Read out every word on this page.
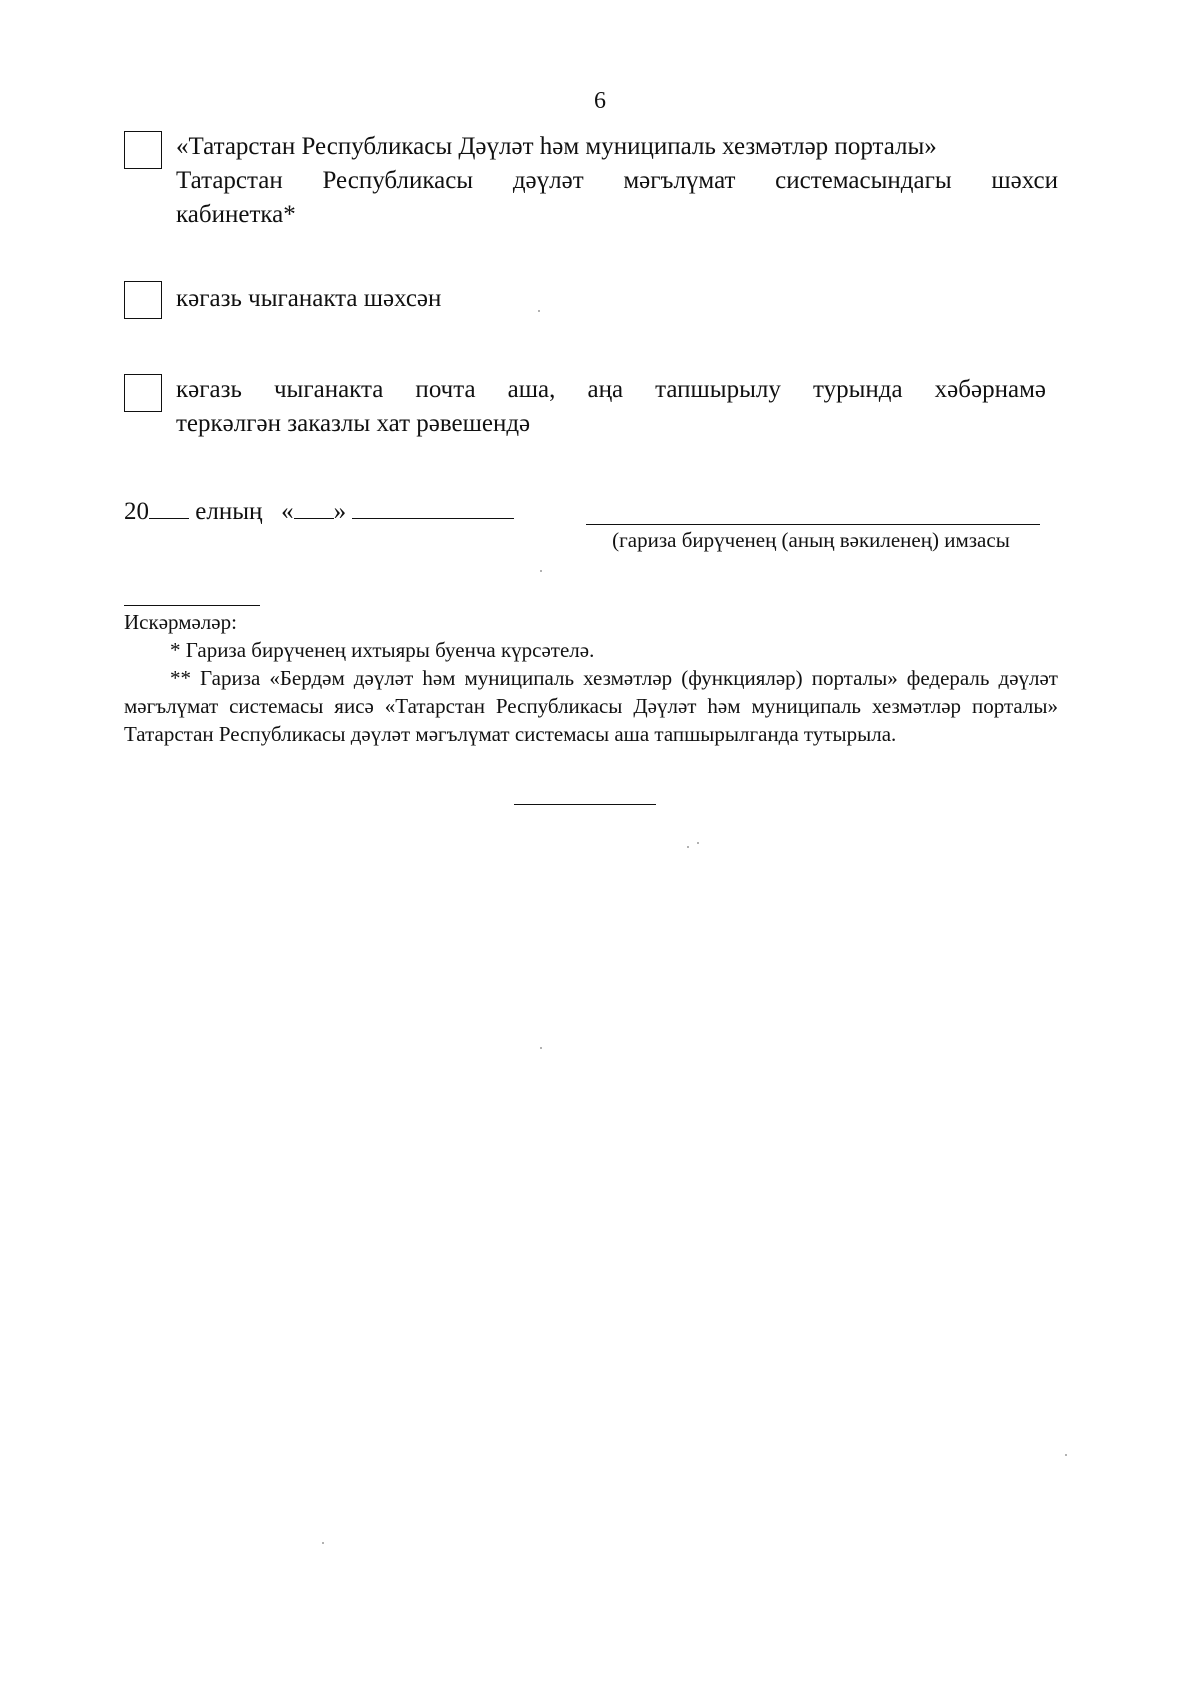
6
«Татарстан Республикасы Дәүләт һәм муниципаль хезмәтләр порталы»
Татарстан Республикасы дәүләт мәгълүмат системасындагы шәхси
кабинетка*
кәгазь чыганакта шәхсән
кәгазь чыганакта почта аша, аңа тапшырылу турында хәбәрнамә
теркәлгән заказлы хат рәвешендә
20 елның « »
(гариза бирүченең (аның вәкиленең) имзасы

Искәрмәләр:

* Гариза бирүченең ихтыяры буенча күрсәтелә.

** Гариза «Бердәм дәүләт һәм муниципаль хезмәтләр (функцияләр) порталы» федераль дәүләт мәгълүмат системасы яисә «Татарстан Республикасы Дәүләт һәм муниципаль хезмәтләр порталы» Татарстан Республикасы дәүләт мәгълүмат системасы аша тапшырылганда тутырыла.
